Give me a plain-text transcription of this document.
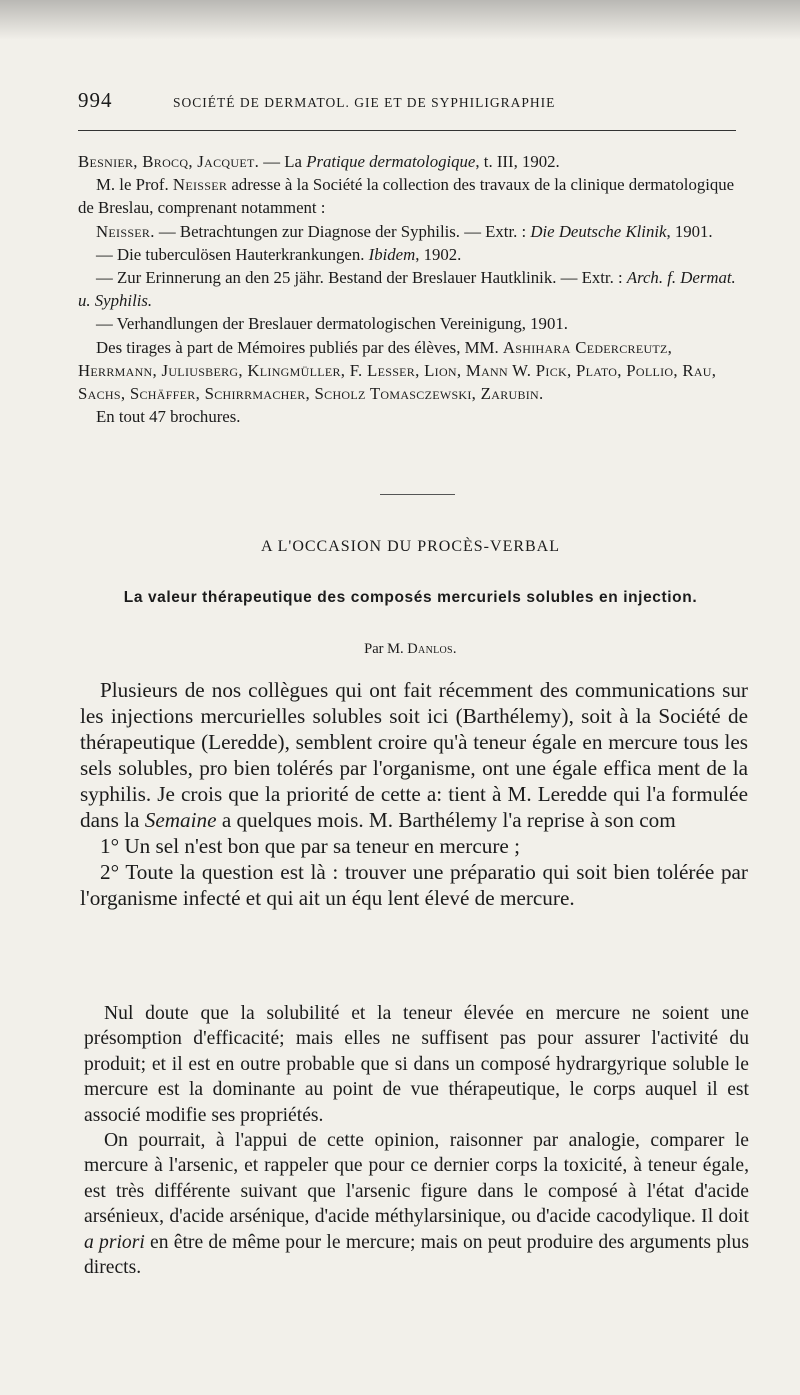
994	SOCIÉTÉ DE DERMATOL. GIE ET DE SYPHILIGRAPHIE

Besnier, Brocq, Jacquet. — La Pratique dermatologique, t. III, 1902.

M. le Prof. Neisser adresse à la Société la collection des travaux de la clinique dermatologique de Breslau, comprenant notamment :

Neisser. — Betrachtungen zur Diagnose der Syphilis. — Extr. : Die Deutsche Klinik, 1901.

— Die tuberculösen Hauterkrankungen. Ibidem, 1902.

— Zur Erinnerung an den 25 jähr. Bestand der Breslauer Hautklinik. — Extr. : Arch. f. Dermat. u. Syphilis.

— Verhandlungen der Breslauer dermatologischen Vereinigung, 1901.

Des tirages à part de Mémoires publiés par des élèves, MM. Ashihara Cedercreutz, Herrmann, Juliusberg, Klingmüller, F. Lesser, Lion, Mann W. Pick, Plato, Pollio, Rau, Sachs, Schäffer, Schirrmacher, Scholz Tomasczewski, Zarubin.

En tout 47 brochures.

A L'OCCASION DU PROCÈS-VERBAL
La valeur thérapeutique des composés mercuriels solubles en injection.
Par M. Danlos.

Plusieurs de nos collègues qui ont fait récemment des communications sur les injections mercurielles solubles soit ici (Barthélemy), soit à la Société de thérapeutique (Leredde), semblent croire qu'à teneur égale en mercure tous les sels solubles, pro bien tolérés par l'organisme, ont une égale effica ment de la syphilis. Je crois que la priorité de cette a: tient à M. Leredde qui l'a formulée dans la Semaine a quelques mois. M. Barthélemy l'a reprise à son com

1° Un sel n'est bon que par sa teneur en mercure ;

2° Toute la question est là : trouver une préparatio qui soit bien tolérée par l'organisme infecté et qui ait un équ lent élevé de mercure.

Nul doute que la solubilité et la teneur élevée en mercure ne soient une présomption d'efficacité; mais elles ne suffisent pas pour assurer l'activité du produit; et il est en outre probable que si dans un composé hydrargyrique soluble le mercure est la dominante au point de vue thérapeutique, le corps auquel il est associé modifie ses propriétés.

On pourrait, à l'appui de cette opinion, raisonner par analogie, comparer le mercure à l'arsenic, et rappeler que pour ce dernier corps la toxicité, à teneur égale, est très différente suivant que l'arsenic figure dans le composé à l'état d'acide arsénieux, d'acide arsénique, d'acide méthylarsinique, ou d'acide cacodylique. Il doit a priori en être de même pour le mercure; mais on peut produire des arguments plus directs.
